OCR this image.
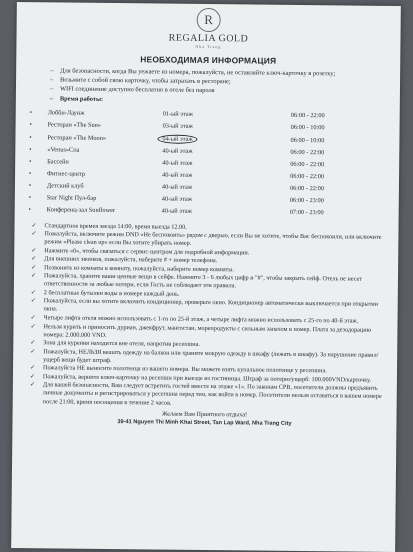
R
REGALIA GOLD
Nha Trang
НЕОБХОДИМАЯ ИНФОРМАЦИЯ
– Для безопасности, когда Вы уежаете из номера, пожалуйста, не оставляйте ключ-карточку в розетку;
– Возьмите с собой свою карточку, чтобы затрахать в ресторане;
– WIFI соединение доступно бесплатно в отеле без пароля
– Время работы:
•	Лобби-Лаунж	01-ый этаж	06:00 - 22:00
•	Ресторан «The Sun»	03-ый этаж	06:00 - 10:00
•	Ресторан «The Moon»	04-ый этаж	06:00 - 10:00
•	«Venus»Спа	40-ый этаж	06:00 - 22:00
•	Бассейн	40-ый этаж	06:00 - 22:00
•	Фитнес-центр	40-ый этаж	06:00 - 22:00
•	Детский клуб	40-ый этаж	06:00 - 22:00
•	Star Night Пул-бар	40-ый этаж	06:00 - 23:00
•	Конференц-зал Sunflower	40-ый этаж	07:00 - 23:00

✓ Стандартное времея заезда 14:00, время выезда 12.00.

✓ Пожалуйста, включите режим DND «Не беспокоить» рядом с дверью, если Вы не хотите, чтобы Вас беспокоили, или включите режим «Please clean up» если Вы хотите убирать номер.

✓ Нажмите «0», чтобы связаться с сервис-центром для подробной информации.

✓ Для внешних звонков, пожалуйста, наберите # + номер телефона.

✓ Позвоните из комнаты в комнату, пожалуйста, наберите номер комнаты.

✓ Пожалуйста, храните ваши ценные вещи в сейфе. Нажмите 3 - 6 любых цифр и "#", чтобы закрыть сейф. Отель не несет ответственности за любые потери, если Гость не соблюдает эти правила.

✓ 2 бесплатные бутылки воды в номере каждый день.

✓ Пожалуйста, если вы хотите включить кондиционер, проверьте окно. Кондиционер автоматически выключается при открытии окна.

✓ Четыре лифта отеля можно использовать с 1-го по 25-й этаж, а четыре лифта можно использовать с 25-го по 40-й этаж.

✓ Нельзя курить и приносить дуриан, джекфрут, мангостан, морепродукты с сильным запахом в номер. Плата за дезодорацию номера: 2.000.000 VND.

✓ Зона для курения находится вне отеля, напротив ресепшна.

✓ Пожалуйста, НЕЛЬЗЯ вешать одежду на балкон или храните мокрую одежду в шкафу (лежать в шкафу). За нарушение правил/ущерб вещи будет штраф.

✓ Пожалуйста НЕ выносите полотенца из вашего номера. Вы можете взять купальное полотенце у ресепшна.

✓ Пожалуйста, верните ключ-карточку на ресепшн при выезде из гостиницы. Штраф за потерю/ущерб: 100.000VND/карточку.

✓ Для вашей безопасности, Вам следует встретить гостей вместе на этаже «1». По законам СРВ, посетители должны предъявить личные документы и регистрироваться у ресепшна перед тем, как войти в номер. Посетители нельзя оставаться в вашем номере после 21:00, время посещения в течение 2 часов.

Желаем Вам Приятного отдыха!
39-41 Nguyen Thi Minh Khai Street, Tan Lap Ward, Nha Trang City
